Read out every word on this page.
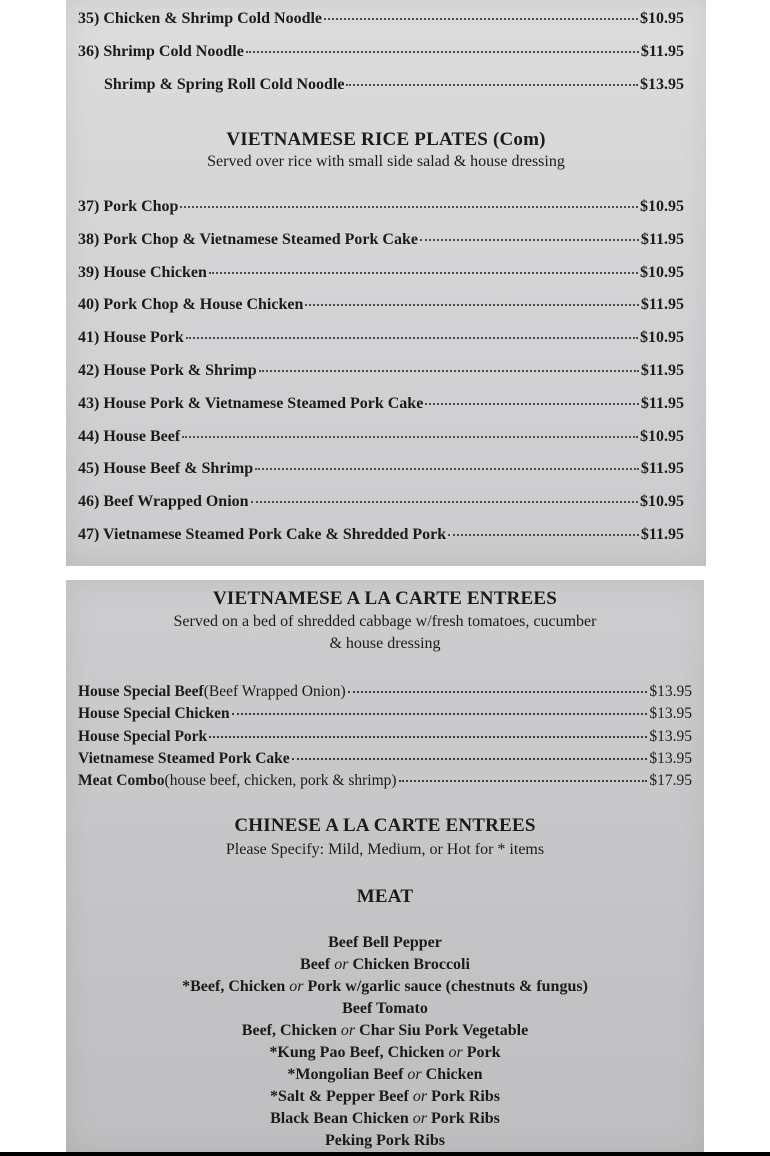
35) Chicken & Shrimp Cold Noodle	$10.95
36) Shrimp Cold Noodle	$11.95
Shrimp & Spring Roll Cold Noodle	$13.95
VIETNAMESE RICE PLATES (Com)
Served over rice with small side salad & house dressing
37) Pork Chop	$10.95
38) Pork Chop & Vietnamese Steamed Pork Cake	$11.95
39) House Chicken	$10.95
40) Pork Chop & House Chicken	$11.95
41) House Pork	$10.95
42) House Pork & Shrimp	$11.95
43) House Pork & Vietnamese Steamed Pork Cake	$11.95
44) House Beef	$10.95
45) House Beef & Shrimp	$11.95
46) Beef Wrapped Onion	$10.95
47) Vietnamese Steamed Pork Cake & Shredded Pork	$11.95
VIETNAMESE A LA CARTE ENTREES
Served on a bed of shredded cabbage w/fresh tomatoes, cucumber
& house dressing
House Special Beef (Beef Wrapped Onion)	$13.95
House Special Chicken	$13.95
House Special Pork	$13.95
Vietnamese Steamed Pork Cake	$13.95
Meat Combo (house beef, chicken, pork & shrimp)	$17.95
CHINESE A LA CARTE ENTREES
Please Specify: Mild, Medium, or Hot for * items
MEAT
Beef Bell Pepper
Beef or Chicken Broccoli
*Beef, Chicken or Pork w/garlic sauce (chestnuts & fungus)
Beef Tomato
Beef, Chicken or Char Siu Pork Vegetable
*Kung Pao Beef, Chicken or Pork
*Mongolian Beef or Chicken
*Salt & Pepper Beef or Pork Ribs
Black Bean Chicken or Pork Ribs
Peking Pork Ribs
